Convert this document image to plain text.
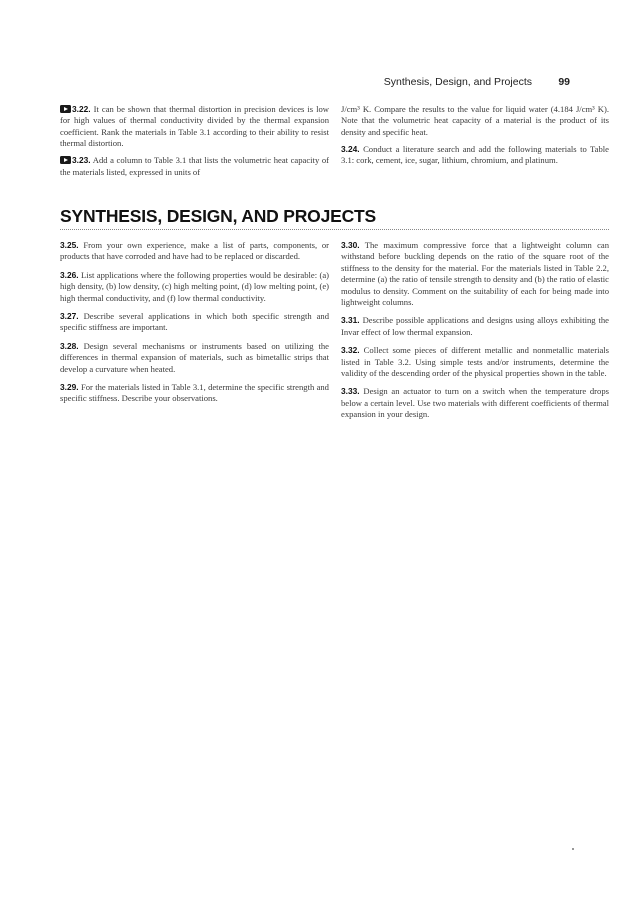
Synthesis, Design, and Projects	99

3.22. It can be shown that thermal distortion in precision devices is low for high values of thermal conductivity divided by the thermal expansion coefficient. Rank the materials in Table 3.1 according to their ability to resist thermal distortion.

3.23. Add a column to Table 3.1 that lists the volumetric heat capacity of the materials listed, expressed in units of

J/cm³ K. Compare the results to the value for liquid water (4.184 J/cm³ K). Note that the volumetric heat capacity of a material is the product of its density and specific heat.

3.24. Conduct a literature search and add the following materials to Table 3.1: cork, cement, ice, sugar, lithium, chromium, and platinum.

SYNTHESIS, DESIGN, AND PROJECTS

3.25. From your own experience, make a list of parts, components, or products that have corroded and have had to be replaced or discarded.

3.26. List applications where the following properties would be desirable: (a) high density, (b) low density, (c) high melting point, (d) low melting point, (e) high thermal conductivity, and (f) low thermal conductivity.

3.27. Describe several applications in which both specific strength and specific stiffness are important.

3.28. Design several mechanisms or instruments based on utilizing the differences in thermal expansion of materials, such as bimetallic strips that develop a curvature when heated.

3.29. For the materials listed in Table 3.1, determine the specific strength and specific stiffness. Describe your observations.

3.30. The maximum compressive force that a lightweight column can withstand before buckling depends on the ratio of the square root of the stiffness to the density for the material. For the materials listed in Table 2.2, determine (a) the ratio of tensile strength to density and (b) the ratio of elastic modulus to density. Comment on the suitability of each for being made into lightweight columns.

3.31. Describe possible applications and designs using alloys exhibiting the Invar effect of low thermal expansion.

3.32. Collect some pieces of different metallic and nonmetallic materials listed in Table 3.2. Using simple tests and/or instruments, determine the validity of the descending order of the physical properties shown in the table.

3.33. Design an actuator to turn on a switch when the temperature drops below a certain level. Use two materials with different coefficients of thermal expansion in your design.
